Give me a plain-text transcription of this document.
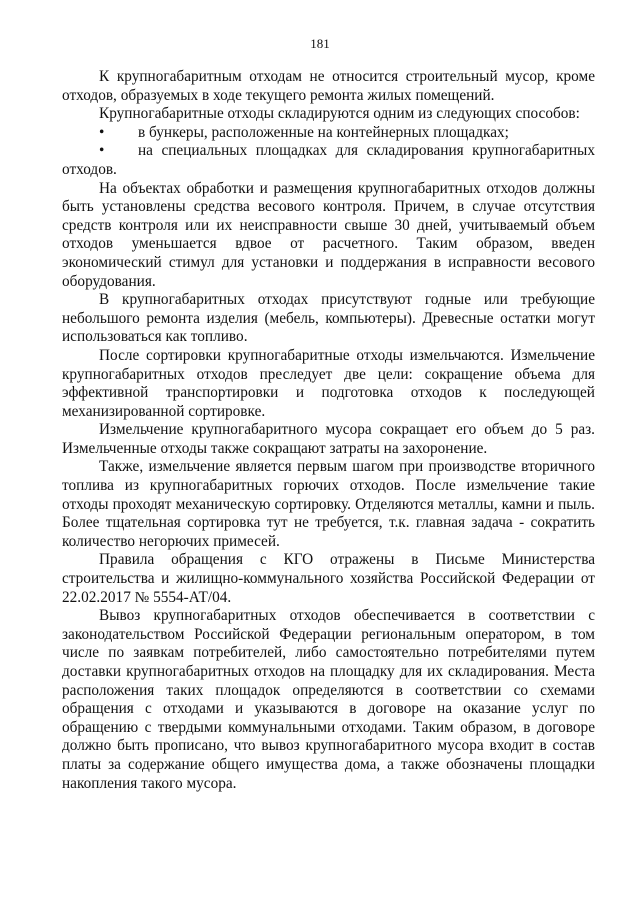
181

К крупногабаритным отходам не относится строительный мусор, кроме отходов, образуемых в ходе текущего ремонта жилых помещений.

Крупногабаритные отходы складируются одним из следующих способов:

• в бункеры, расположенные на контейнерных площадках;

• на специальных площадках для складирования крупногабаритных отходов.

На объектах обработки и размещения крупногабаритных отходов должны быть установлены средства весового контроля. Причем, в случае отсутствия средств контроля или их неисправности свыше 30 дней, учитываемый объем отходов уменьшается вдвое от расчетного. Таким образом, введен экономический стимул для установки и поддержания в исправности весового оборудования.

В крупногабаритных отходах присутствуют годные или требующие небольшого ремонта изделия (мебель, компьютеры). Древесные остатки могут использоваться как топливо.

После сортировки крупногабаритные отходы измельчаются. Измельчение крупногабаритных отходов преследует две цели: сокращение объема для эффективной транспортировки и подготовка отходов к последующей механизированной сортировке.

Измельчение крупногабаритного мусора сокращает его объем до 5 раз. Измельченные отходы также сокращают затраты на захоронение.

Также, измельчение является первым шагом при производстве вторичного топлива из крупногабаритных горючих отходов. После измельчение такие отходы проходят механическую сортировку. Отделяются металлы, камни и пыль. Более тщательная сортировка тут не требуется, т.к. главная задача - сократить количество негорючих примесей.

Правила обращения с КГО отражены в Письме Министерства строительства и жилищно-коммунального хозяйства Российской Федерации от 22.02.2017 № 5554-АТ/04.

Вывоз крупногабаритных отходов обеспечивается в соответствии с законодательством Российской Федерации региональным оператором, в том числе по заявкам потребителей, либо самостоятельно потребителями путем доставки крупногабаритных отходов на площадку для их складирования. Места расположения таких площадок определяются в соответствии со схемами обращения с отходами и указываются в договоре на оказание услуг по обращению с твердыми коммунальными отходами. Таким образом, в договоре должно быть прописано, что вывоз крупногабаритного мусора входит в состав платы за содержание общего имущества дома, а также обозначены площадки накопления такого мусора.
